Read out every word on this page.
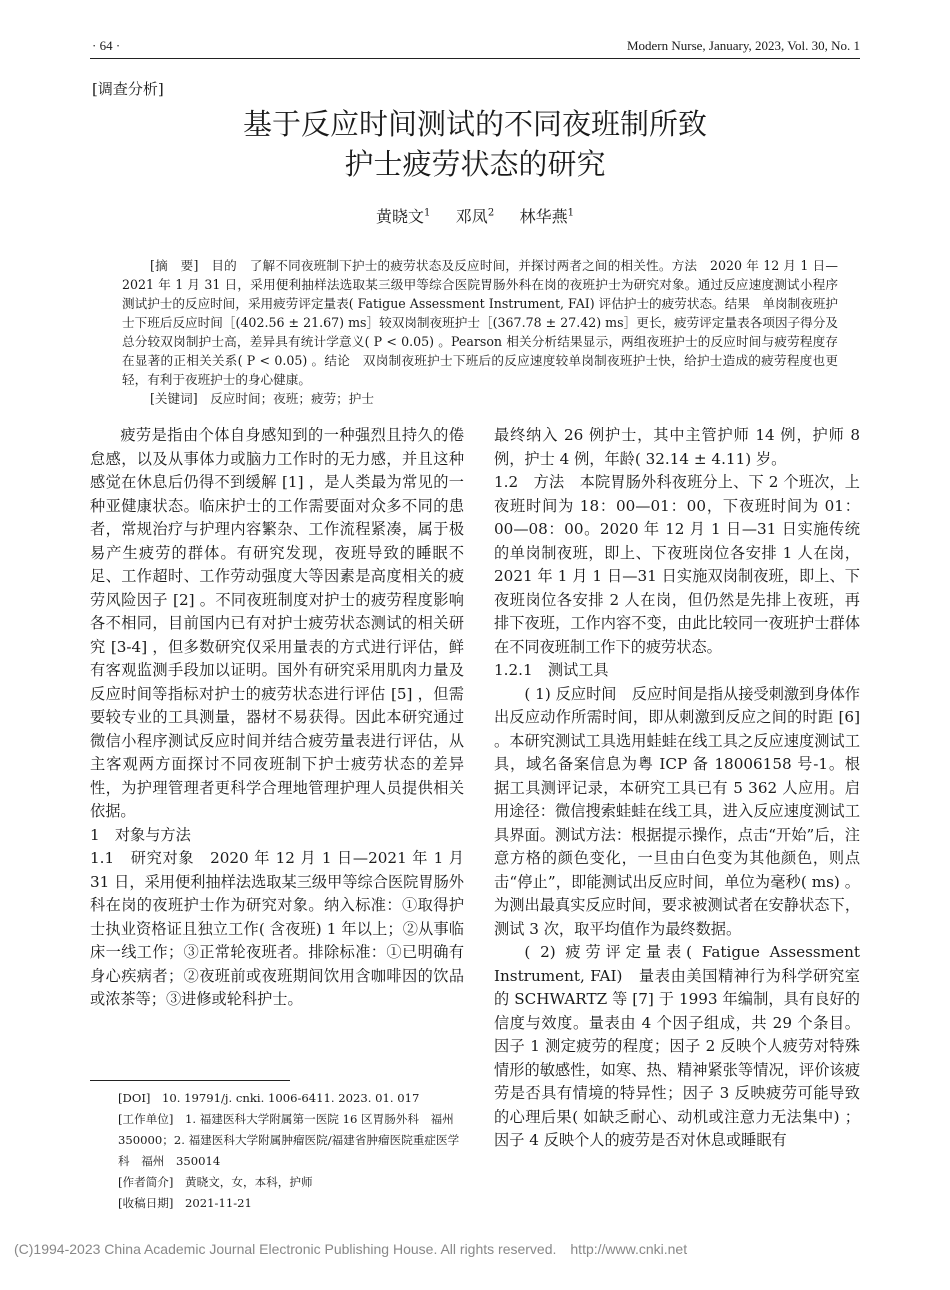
· 64 ·	Modern Nurse, January, 2023, Vol. 30, No. 1
[调查分析]
基于反应时间测试的不同夜班制所致
护士疲劳状态的研究
黄晓文$^1$ 邓凤$^2$ 林华燕$^1$

[摘　要]　目的　了解不同夜班制下护士的疲劳状态及反应时间，并探讨两者之间的相关性。方法　2020 年 12 月 1 日—2021 年 1 月 31 日，采用便利抽样法选取某三级甲等综合医院胃肠外科在岗的夜班护士为研究对象。通过反应速度测试小程序测试护士的反应时间，采用疲劳评定量表( Fatigue Assessment Instrument, FAI) 评估护士的疲劳状态。结果　单岗制夜班护士下班后反应时间［(402.56 ± 21.67) ms］较双岗制夜班护士［(367.78 ± 27.42) ms］更长，疲劳评定量表各项因子得分及总分较双岗制护士高，差异具有统计学意义( P < 0.05) 。Pearson 相关分析结果显示，两组夜班护士的反应时间与疲劳程度存在显著的正相关关系( P < 0.05) 。结论　双岗制夜班护士下班后的反应速度较单岗制夜班护士快，给护士造成的疲劳程度也更轻，有利于夜班护士的身心健康。

[关键词]　反应时间；夜班；疲劳；护士

疲劳是指由个体自身感知到的一种强烈且持久的倦怠感，以及从事体力或脑力工作时的无力感，并且这种感觉在休息后仍得不到缓解 [1] ，是人类最为常见的一种亚健康状态。临床护士的工作需要面对众多不同的患者，常规治疗与护理内容繁杂、工作流程紧凑，属于极易产生疲劳的群体。有研究发现，夜班导致的睡眠不足、工作超时、工作劳动强度大等因素是高度相关的疲劳风险因子 [2] 。不同夜班制度对护士的疲劳程度影响各不相同，目前国内已有对护士疲劳状态测试的相关研究 [3-4] ，但多数研究仅采用量表的方式进行评估，鲜有客观监测手段加以证明。国外有研究采用肌肉力量及反应时间等指标对护士的疲劳状态进行评估 [5] ，但需要较专业的工具测量，器材不易获得。因此本研究通过微信小程序测试反应时间并结合疲劳量表进行评估，从主客观两方面探讨不同夜班制下护士疲劳状态的差异性，为护理管理者更科学合理地管理护理人员提供相关依据。

1　对象与方法

1.1　研究对象　2020 年 12 月 1 日—2021 年 1 月 31 日，采用便利抽样法选取某三级甲等综合医院胃肠外科在岗的夜班护士作为研究对象。纳入标准：①取得护士执业资格证且独立工作( 含夜班) 1 年以上；②从事临床一线工作；③正常轮夜班者。排除标准：①已明确有身心疾病者；②夜班前或夜班期间饮用含咖啡因的饮品或浓茶等；③进修或轮科护士。

最终纳入 26 例护士，其中主管护师 14 例，护师 8 例，护士 4 例，年龄( 32.14 ± 4.11) 岁。

1.2　方法　本院胃肠外科夜班分上、下 2 个班次，上夜班时间为 18：00—01：00，下夜班时间为 01：00—08：00。2020 年 12 月 1 日—31 日实施传统的单岗制夜班，即上、下夜班岗位各安排 1 人在岗，2021 年 1 月 1 日—31 日实施双岗制夜班，即上、下夜班岗位各安排 2 人在岗，但仍然是先排上夜班，再排下夜班，工作内容不变，由此比较同一夜班护士群体在不同夜班制工作下的疲劳状态。

1.2.1　测试工具

( 1) 反应时间　反应时间是指从接受刺激到身体作出反应动作所需时间，即从刺激到反应之间的时距 [6] 。本研究测试工具选用蛙蛙在线工具之反应速度测试工具，域名备案信息为粤 ICP 备 18006158 号-1。根据工具测评记录，本研究工具已有 5 362 人应用。启用途径：微信搜索蛙蛙在线工具，进入反应速度测试工具界面。测试方法：根据提示操作，点击“开始”后，注意方格的颜色变化，一旦由白色变为其他颜色，则点击“停止”，即能测试出反应时间，单位为毫秒( ms) 。为测出最真实反应时间，要求被测试者在安静状态下，测试 3 次，取平均值作为最终数据。

( 2) 疲劳评定量表( Fatigue Assessment Instrument, FAI)　量表由美国精神行为科学研究室的 SCHWARTZ 等 [7] 于 1993 年编制，具有良好的信度与效度。量表由 4 个因子组成，共 29 个条目。因子 1 测定疲劳的程度；因子 2 反映个人疲劳对特殊情形的敏感性，如寒、热、精神紧张等情况，评价该疲劳是否具有情境的特异性；因子 3 反映疲劳可能导致的心理后果( 如缺乏耐心、动机或注意力无法集中) ；因子 4 反映个人的疲劳是否对休息或睡眠有

[DOI]　10. 19791/j. cnki. 1006-6411. 2023. 01. 017

[工作单位]　1. 福建医科大学附属第一医院 16 区胃肠外科　福州　350000；2. 福建医科大学附属肿瘤医院/福建省肿瘤医院重症医学科　福州　350014

[作者简介]　黄晓文，女，本科，护师

[收稿日期]　2021-11-21

(C)1994-2023 China Academic Journal Electronic Publishing House. All rights reserved.　http://www.cnki.net
